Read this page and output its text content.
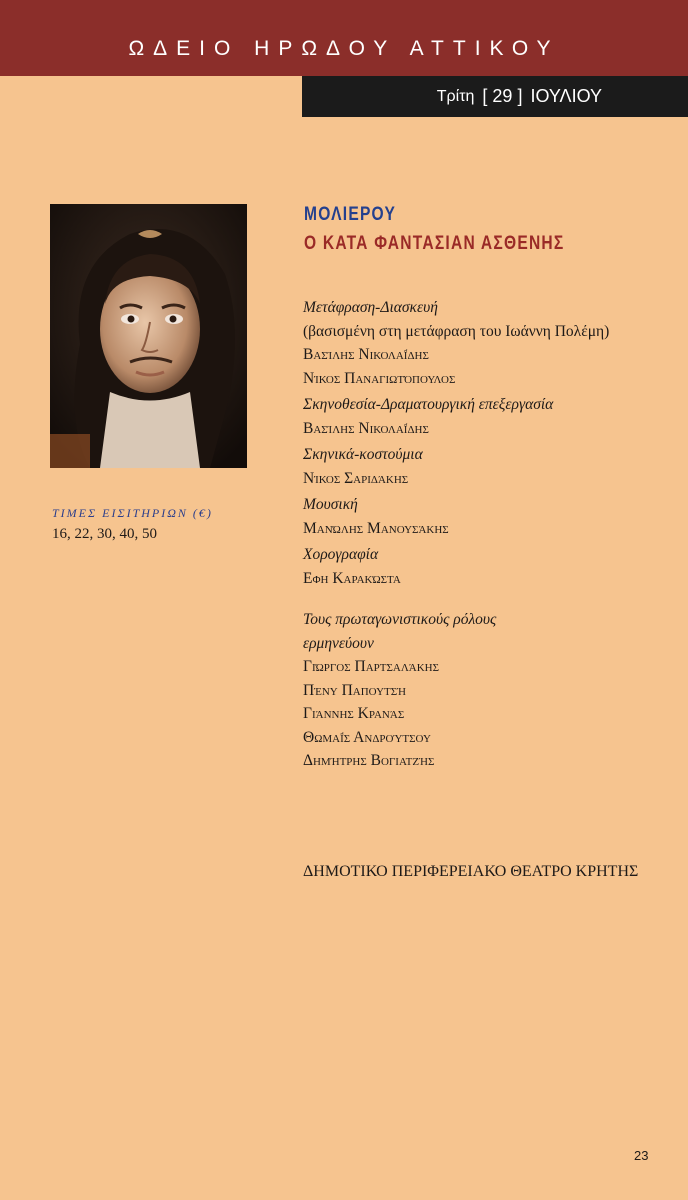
ΩΔΕΙΟ ΗΡΩΔΟΥ ΑΤΤΙΚΟΥ
Τρίτη [ 29 ] ΙΟΥΛΙΟΥ
ΤΙΜΕΣ ΕΙΣΙΤΗΡΙΩΝ (€)
16, 22, 30, 40, 50
ΜΟΛΙΕΡΟΥ
Ο ΚΑΤΑ ΦΑΝΤΑΣΙΑΝ ΑΣΘΕΝΗΣ
Μετάφραση-Διασκευή
(βασισμένη στη μετάφραση του Ιωάννη Πολέμη)
Βασίλης Νικολαΐδης
Νίκος Παναγιωτόπουλος
Σκηνοθεσία-Δραματουργική επεξεργασία
Βασίλης Νικολαΐδης
Σκηνικά-κοστούμια
Νίκος Σαριδάκης
Μουσική
Μανώλης Μανουσάκης
Χορογραφία
Εφη Καρακώστα
Τους πρωταγωνιστικούς ρόλους
ερμηνεύουν
Γιώργος Παρτσαλάκης
Πένυ Παπουτσή
Γιάννης Κρανάς
Θωμαΐς Ανδρούτσου
Δημήτρης Βογιατζής
ΔΗΜΟΤΙΚΟ ΠΕΡΙΦΕΡΕΙΑΚΟ ΘΕΑΤΡΟ ΚΡΗΤΗΣ
23
